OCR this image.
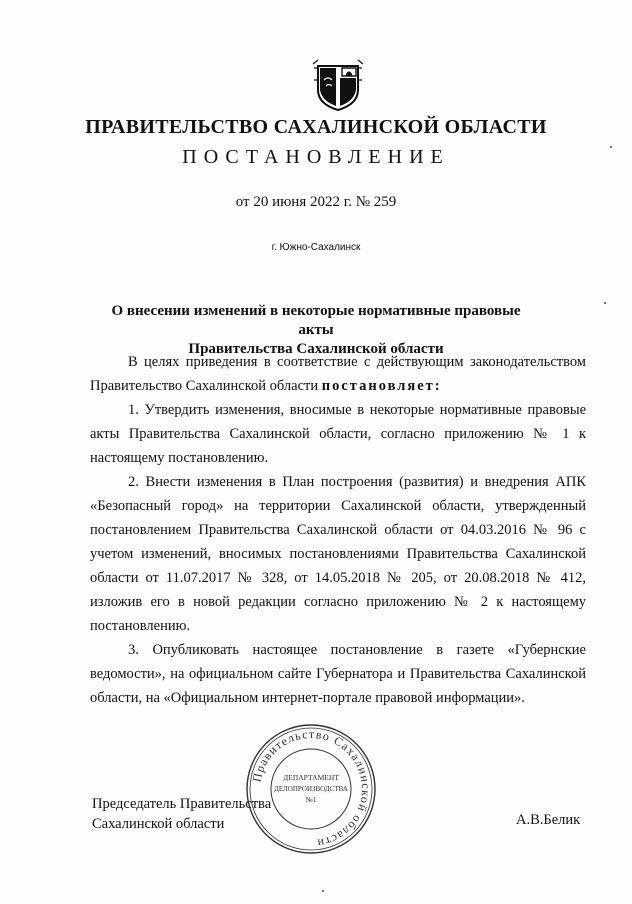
ПРАВИТЕЛЬСТВО САХАЛИНСКОЙ ОБЛАСТИ
ПОСТАНОВЛЕНИЕ
от 20 июня 2022 г. № 259
г. Южно-Сахалинск
О внесении изменений в некоторые нормативные правовые акты
Правительства Сахалинской области

В целях приведения в соответствие с действующим законодательством Правительство Сахалинской области постановляет:

1. Утвердить изменения, вносимые в некоторые нормативные правовые акты Правительства Сахалинской области, согласно приложению № 1 к настоящему постановлению.

2. Внести изменения в План построения (развития) и внедрения АПК «Безопасный город» на территории Сахалинской области, утвержденный постановлением Правительства Сахалинской области от 04.03.2016 № 96 с учетом изменений, вносимых постановлениями Правительства Сахалинской области от 11.07.2017 № 328, от 14.05.2018 № 205, от 20.08.2018 № 412, изложив его в новой редакции согласно приложению № 2 к настоящему постановлению.

3. Опубликовать настоящее постановление в газете «Губернские ведомости», на официальном сайте Губернатора и Правительства Сахалинской области, на «Официальном интернет-портале правовой информации».

Правительство Сахалинской области
ДЕПАРТАМЕНТ
ДЕЛОПРОИЗВОДСТВА
№1
Председатель Правительства
Сахалинской области	А.В.Белик
